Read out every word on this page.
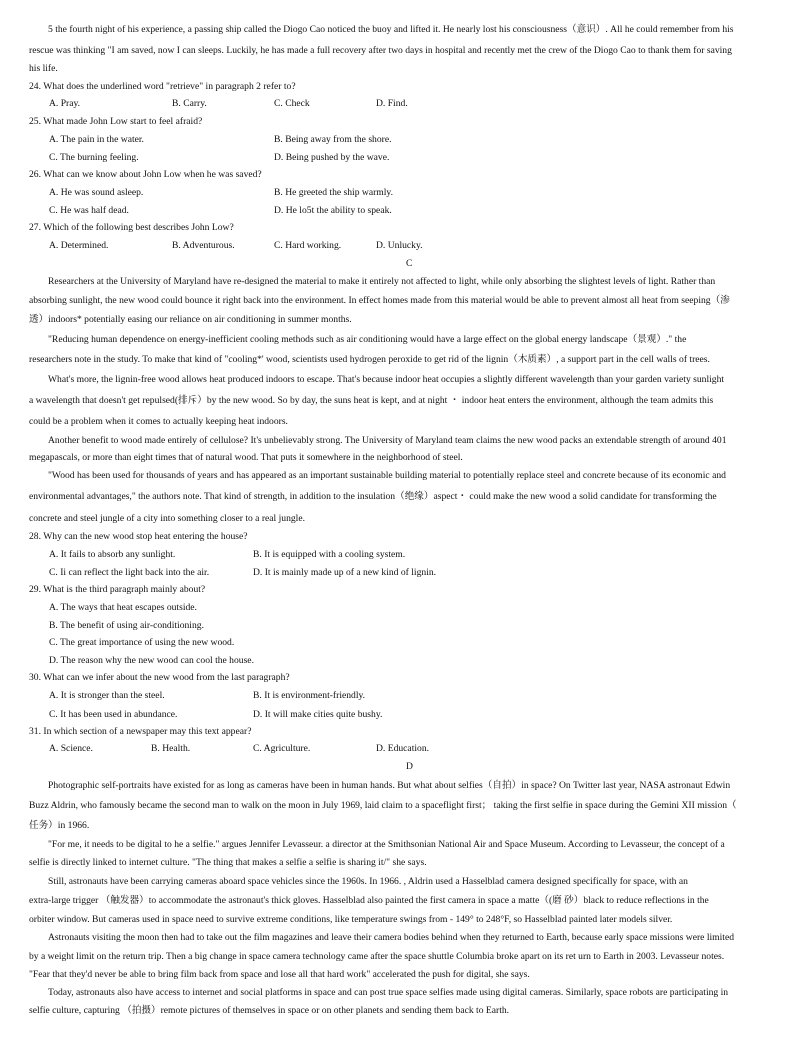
5 the fourth night of his experience, a passing ship called the Diogo Cao noticed the buoy and lifted it. He nearly lost his consciousness（意识）. All he could remember from his
rescue was thinking "I am saved, now I can sleeps. Luckily, he has made a full recovery after two days in hospital and recently met the crew of the Diogo Cao to thank them for saving
his life.
24. What does the underlined word "retrieve" in paragraph 2 refer to?
A. Pray.	B. Carry.	C. Check	D. Find.
25. What made John Low start to feel afraid?
A. The pain in the water.	B. Being away from the shore.
C. The burning feeling.	D. Being pushed by the wave.
26. What can we know about John Low when he was saved?
A. He was sound asleep.	B. He greeted the ship warmly.
C. He was half dead.	D. He lo5t the ability to speak.
27. Which of the following best describes John Low?
A. Determined.	B. Adventurous.	C. Hard working.	D. Unlucky.
C
Researchers at the University of Maryland have re-designed the material to make it entirely not affected to light, while only absorbing the slightest levels of light. Rather than
absorbing sunlight, the new wood could bounce it right back into the environment. In effect homes made from this material would be able to prevent almost all heat from seeping（渗
透）indoors* potentially easing our reliance on air conditioning in summer months.
"Reducing human dependence on energy-inefficient cooling methods such as air conditioning would have a large effect on the global energy landscape（景观）." the
researchers note in the study. To make that kind of "cooling*' wood, scientists used hydrogen peroxide to get rid of the lignin（木质素）, a support part in the cell walls of trees.
What's more, the lignin-free wood allows heat produced indoors to escape. That's because indoor heat occupies a slightly different wavelength than your garden variety sunlight
a wavelength that doesn't get repulsed(排斥）by the new wood. So by day, the suns heat is kept, and at night ・ indoor heat enters the environment, although the team admits this
could be a problem when it comes to actually keeping heat indoors.
Another benefit to wood made entirely of cellulose? It's unbelievably strong. The University of Maryland team claims the new wood packs an extendable strength of around 401
megapascals, or more than eight times that of natural wood. That puts it somewhere in the neighborhood of steel.
"Wood has been used for thousands of years and has appeared as an important sustainable building material to potentially replace steel and concrete because of its economic and
environmental advantages," the authors note. That kind of strength, in addition to the insulation（绝缘）aspect・ could make the new wood a solid candidate for transforming the
concrete and steel jungle of a city into something closer to a real jungle.
28. Why can the new wood stop heat entering the house?
A. It fails to absorb any sunlight.	B. It is equipped with a cooling system.
C. Ii can reflect the light back into the air.	D. It is mainly made up of a new kind of lignin.
29. What is the third paragraph mainly about?
A. The ways that heat escapes outside.
B. The benefit of using air-conditioning.
C. The great importance of using the new wood.
D. The reason why the new wood can cool the house.
30. What can we infer about the new wood from the last paragraph?
A. It is stronger than the steel.	B. It is environment-friendly.
C. It has been used in abundance.	D. It will make cities quite bushy.
31. In which section of a newspaper may this text appear?
A. Science.	B. Health.	C. Agriculture.	D. Education.
D
Photographic self-portraits have existed for as long as cameras have been in human hands. But what about selfies（自拍）in space? On Twitter last year, NASA astronaut Edwin
Buzz Aldrin, who famously became the second man to walk on the moon in July 1969, laid claim to a spaceflight first； taking the first selfie in space during the Gemini XII mission（
任务）in 1966.
"For me, it needs to be digital to he a selfie." argues Jennifer Levasseur. a director at the Smithsonian National Air and Space Museum. According to Levasseur, the concept of a
selfie is directly linked to internet culture. "The thing that makes a selfie a selfie is sharing it/" she says.
Still, astronauts have been carrying cameras aboard space vehicles since the 1960s. In 1966. , Aldrin used a Hasselblad camera designed specifically for space, with an
extra-large trigger （触发器）to accommodate the astronaut's thick gloves. Hasselblad also painted the first camera in space a matte（(磨 砂）black to reduce reflections in the
orbiter window. But cameras used in space need to survive extreme conditions, like temperature swings from - 149° to 248°F, so Hasselblad painted later models silver.
Astronauts visiting the moon then had to take out the film magazines and leave their camera bodies behind when they returned to Earth, because early space missions were limited
by a weight limit on the return trip. Then a big change in space camera technology came after the space shuttle Columbia broke apart on its ret urn to Earth in 2003. Levasseur notes.
"Fear that they'd never be able to bring film back from space and lose all that hard work" accelerated the push for digital, she says.
Today, astronauts also have access to internet and social platforms in space and can post true space selfies made using digital cameras. Similarly, space robots are participating in
selfie culture, capturing （拍摄）remote pictures of themselves in space or on other planets and sending them back to Earth.
